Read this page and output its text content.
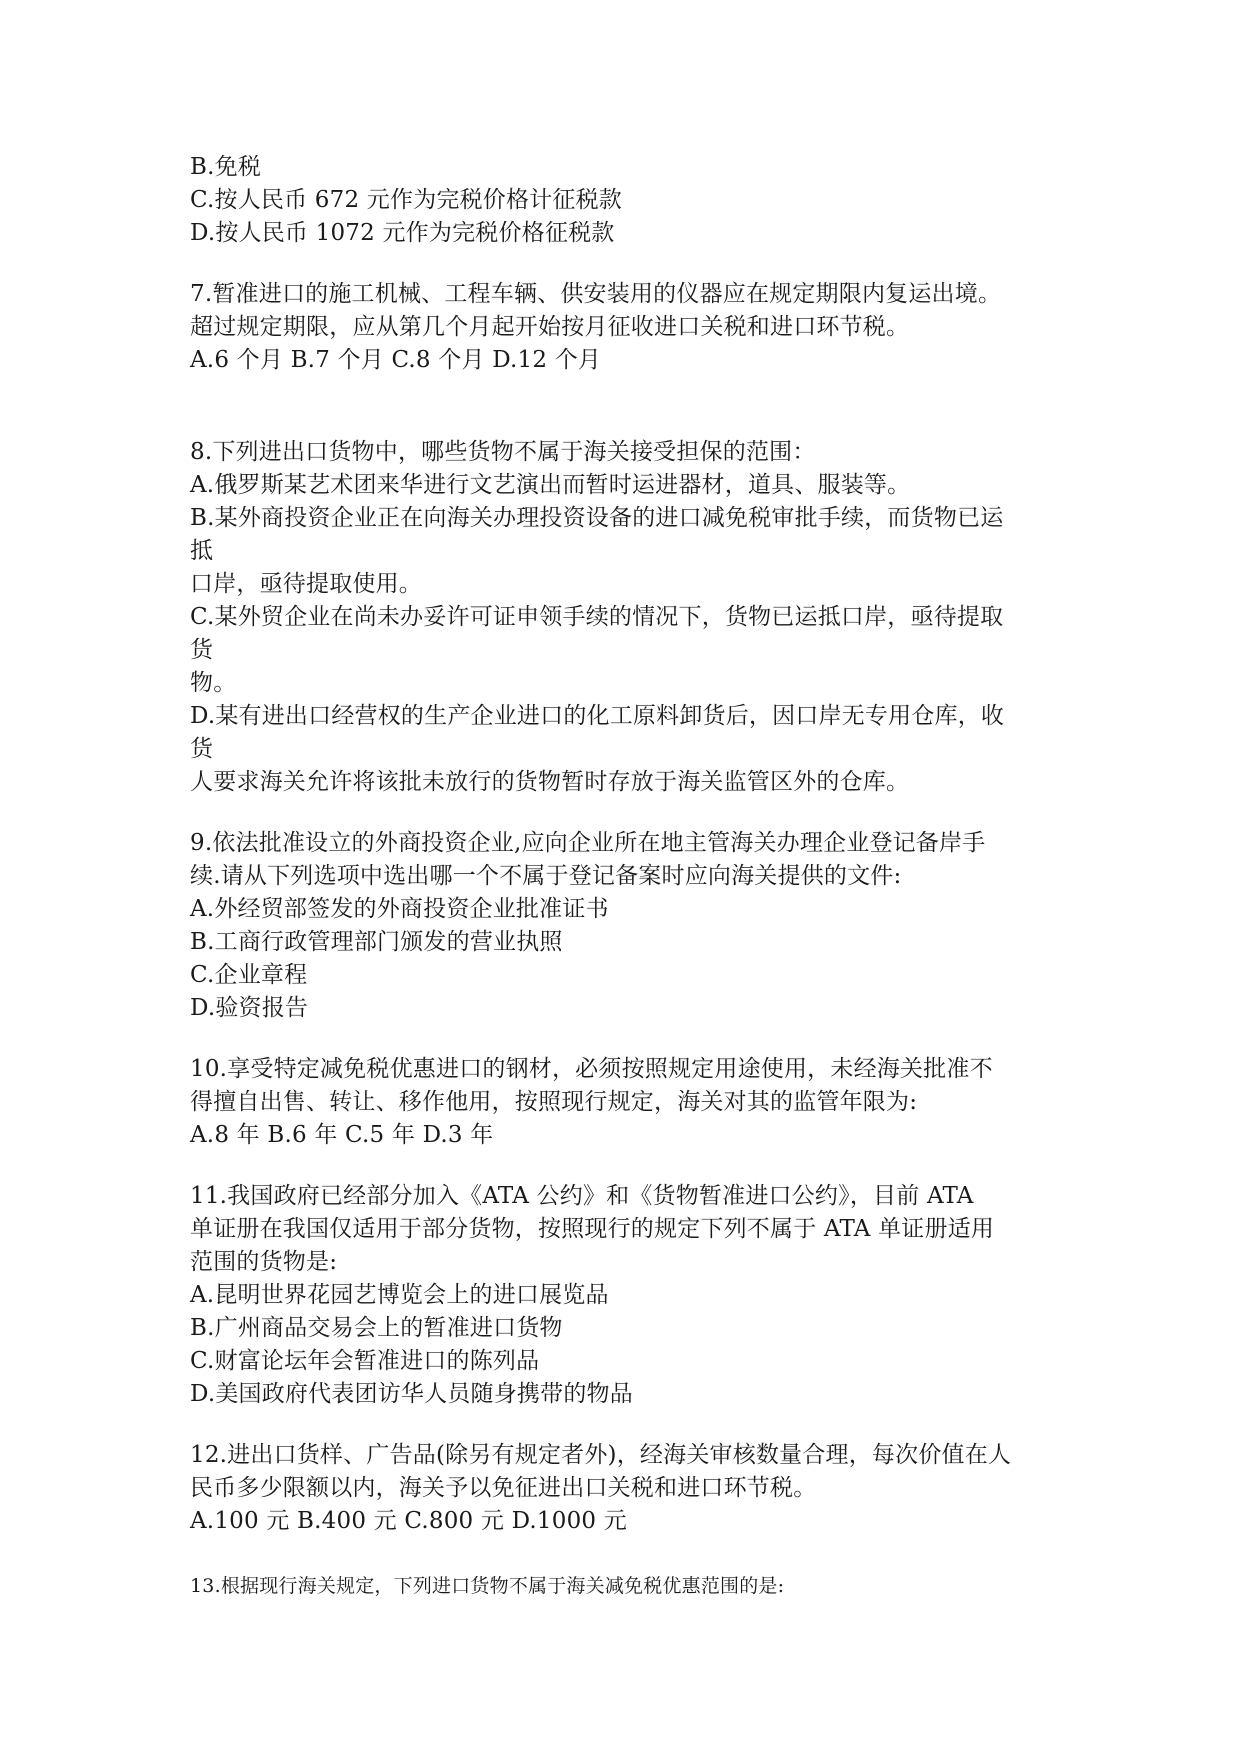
B.免税
C.按人民币 672 元作为完税价格计征税款
D.按人民币 1072 元作为完税价格征税款
7.暂准进口的施工机械、工程车辆、供安装用的仪器应在规定期限内复运出境。
超过规定期限，应从第几个月起开始按月征收进口关税和进口环节税。
A.6 个月 B.7 个月 C.8 个月 D.12 个月
8.下列进出口货物中，哪些货物不属于海关接受担保的范围：
A.俄罗斯某艺术团来华进行文艺演出而暂时运进器材，道具、服装等。
B.某外商投资企业正在向海关办理投资设备的进口减免税审批手续，而货物已运
抵
口岸，亟待提取使用。
C.某外贸企业在尚未办妥许可证申领手续的情况下，货物已运抵口岸，亟待提取
货
物。
D.某有进出口经营权的生产企业进口的化工原料卸货后，因口岸无专用仓库，收
货
人要求海关允许将该批未放行的货物暂时存放于海关监管区外的仓库。
9.依法批准设立的外商投资企业,应向企业所在地主管海关办理企业登记备岸手
续.请从下列选项中选出哪一个不属于登记备案时应向海关提供的文件:
A.外经贸部签发的外商投资企业批准证书
B.工商行政管理部门颁发的营业执照
C.企业章程
D.验资报告
10.享受特定减免税优惠进口的钢材，必须按照规定用途使用，未经海关批准不
得擅自出售、转让、移作他用，按照现行规定，海关对其的监管年限为:
A.8 年 B.6 年 C.5 年 D.3 年
11.我国政府已经部分加入《ATA 公约》和《货物暂准进口公约》，目前 ATA
单证册在我国仅适用于部分货物，按照现行的规定下列不属于 ATA 单证册适用
范围的货物是:
A.昆明世界花园艺博览会上的进口展览品
B.广州商品交易会上的暂准进口货物
C.财富论坛年会暂准进口的陈列品
D.美国政府代表团访华人员随身携带的物品
12.进出口货样、广告品(除另有规定者外)，经海关审核数量合理，每次价值在人
民币多少限额以内，海关予以免征进出口关税和进口环节税。
A.100 元 B.400 元 C.800 元 D.1000 元
13.根据现行海关规定，下列进口货物不属于海关减免税优惠范围的是:
